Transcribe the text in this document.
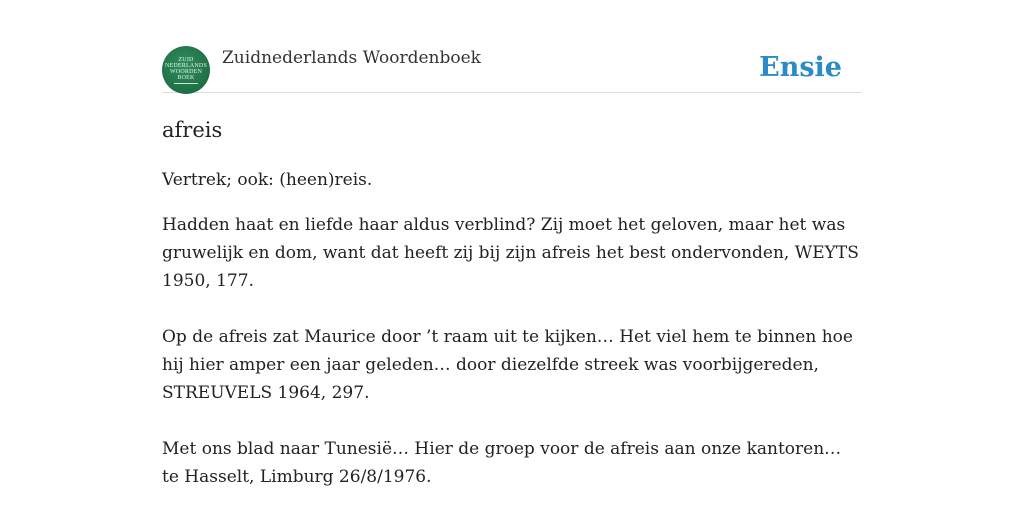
ZUID
NEDERLANDS
WOORDEN
BOEK
Zuidnederlands Woordenboek	Ensie
afreis

Vertrek; ook: (heen)reis.

Hadden haat en liefde haar aldus verblind? Zij moet het geloven, maar het was gruwelijk en dom, want dat heeft zij bij zijn afreis het best ondervonden, WEYTS 1950, 177.

Op de afreis zat Maurice door ’t raam uit te kijken… Het viel hem te binnen hoe hij hier amper een jaar geleden… door diezelfde streek was voorbijgereden, STREUVELS 1964, 297.

Met ons blad naar Tunesië… Hier de groep voor de afreis aan onze kantoren… te Hasselt, Limburg 26/8/1976.
